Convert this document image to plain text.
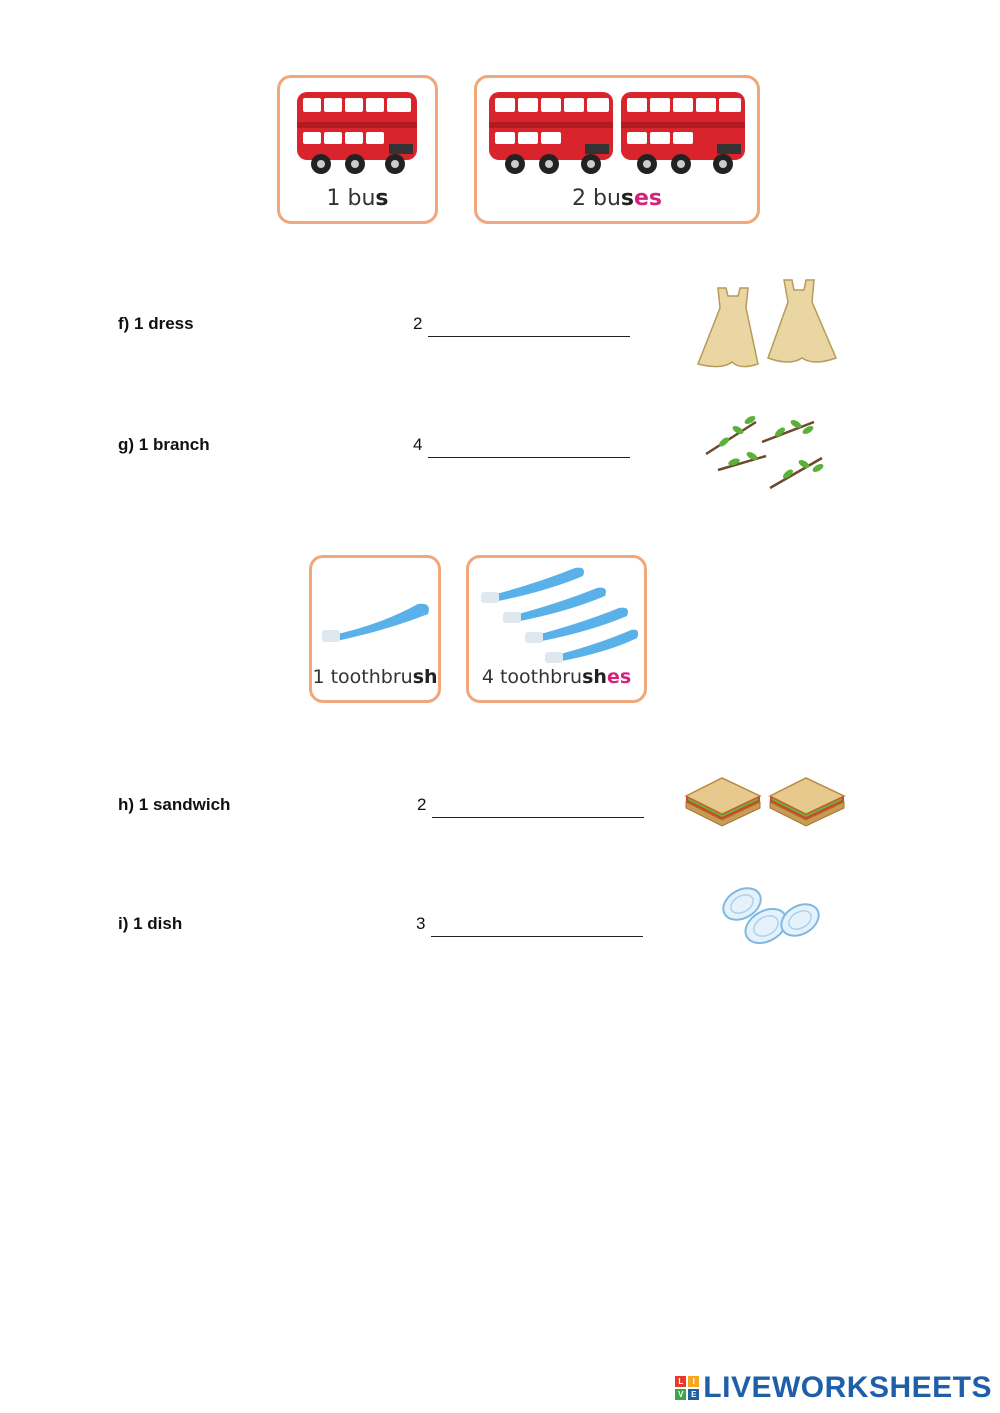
1 bus	2 buses
f) 1 dress	2
g) 1 branch	4
1 toothbrush	4 toothbrushes
h) 1 sandwich	2
i) 1 dish	3
L	I
V E LIVEWORKSHEETS
